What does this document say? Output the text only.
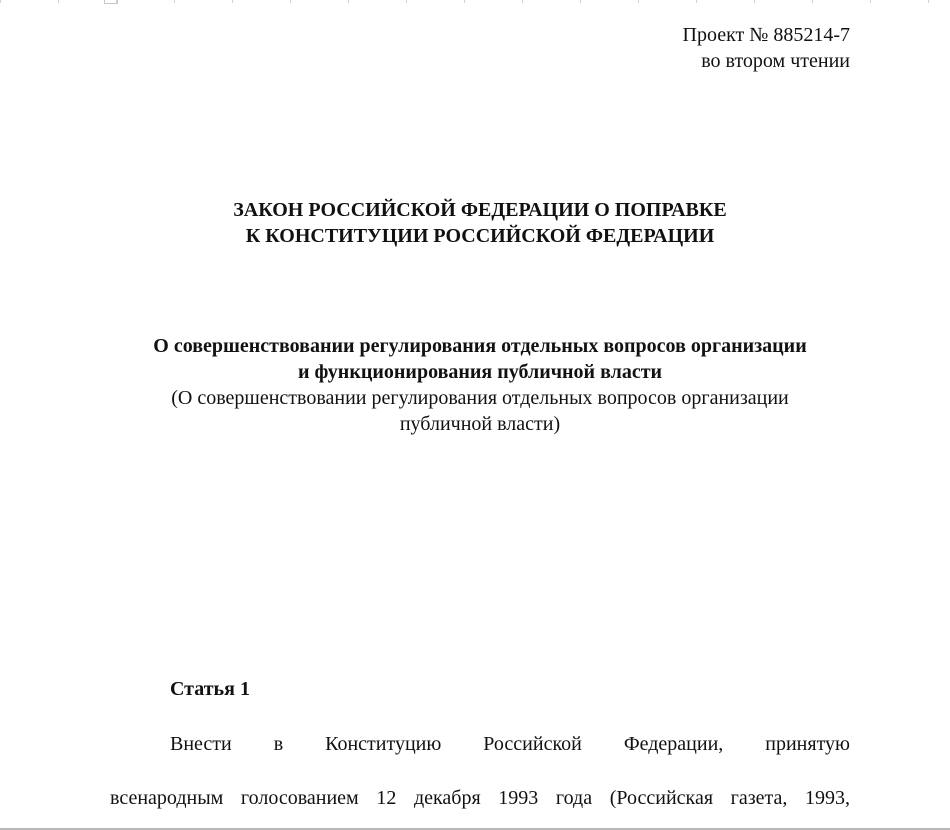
Проект № 885214-7
во втором чтении
ЗАКОН РОССИЙСКОЙ ФЕДЕРАЦИИ О ПОПРАВКЕ
К КОНСТИТУЦИИ РОССИЙСКОЙ ФЕДЕРАЦИИ
О совершенствовании регулирования отдельных вопросов организации
и функционирования публичной власти
(О совершенствовании регулирования отдельных вопросов организации
публичной власти)
Статья 1
Внести в Конституцию Российской Федерации, принятую
всенародным голосованием 12 декабря 1993 года (Российская газета, 1993,
